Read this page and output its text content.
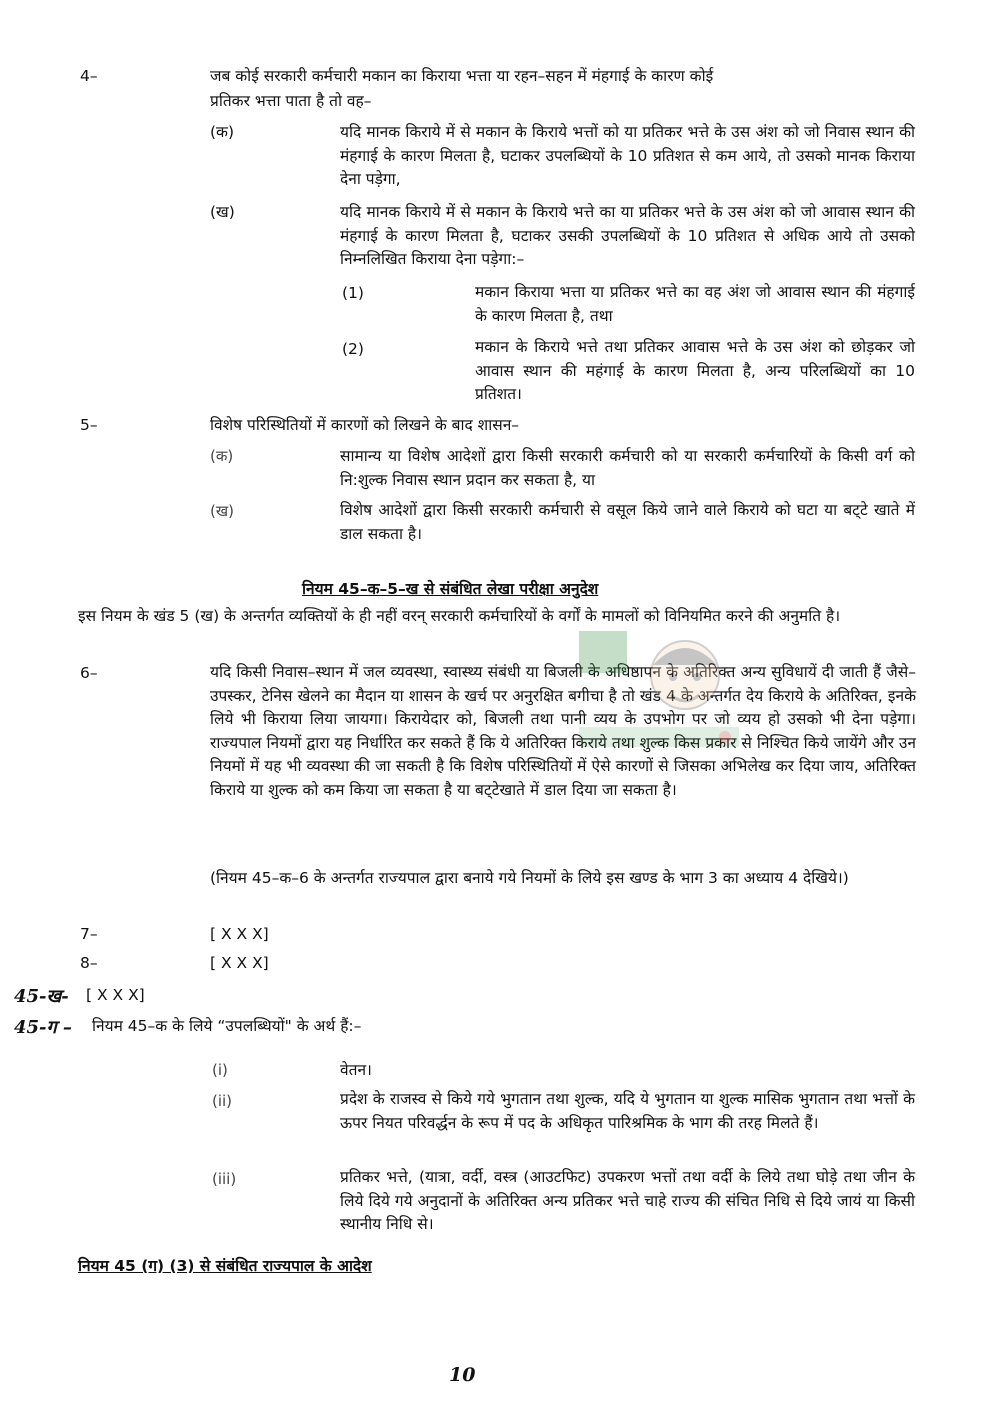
4–	जब कोई सरकारी कर्मचारी मकान का किराया भत्ता या रहन–सहन में मंहगाई के कारण कोई
प्रतिकर भत्ता पाता है तो वह–
(क)	यदि मानक किराये में से मकान के किराये भत्तों को या प्रतिकर भत्ते के उस अंश को जो निवास स्थान की मंहगाई के कारण मिलता है, घटाकर उपलब्धियों के 10 प्रतिशत से कम आये, तो उसको मानक किराया देना पड़ेगा,
(ख)	यदि मानक किराये में से मकान के किराये भत्ते का या प्रतिकर भत्ते के उस अंश को जो आवास स्थान की मंहगाई के कारण मिलता है, घटाकर उसकी उपलब्धियों के 10 प्रतिशत से अधिक आये तो उसको निम्नलिखित किराया देना पड़ेगा:–
(1)	मकान किराया भत्ता या प्रतिकर भत्ते का वह अंश जो आवास स्थान की मंहगाई के कारण मिलता है, तथा
(2)	मकान के किराये भत्ते तथा प्रतिकर आवास भत्ते के उस अंश को छोड़कर जो आवास स्थान की महंगाई के कारण मिलता है, अन्य परिलब्धियों का 10 प्रतिशत।
5–	विशेष परिस्थितियों में कारणों को लिखने के बाद शासन–
(क)	सामान्य या विशेष आदेशों द्वारा किसी सरकारी कर्मचारी को या सरकारी कर्मचारियों के किसी वर्ग को नि:शुल्क निवास स्थान प्रदान कर सकता है, या
(ख)	विशेष आदेशों द्वारा किसी सरकारी कर्मचारी से वसूल किये जाने वाले किराये को घटा या बट्‌टे खाते में डाल सकता है।
नियम 45–क–5–ख से संबंधित लेखा परीक्षा अनुदेश
इस नियम के खंड 5 (ख) के अन्तर्गत व्यक्तियों के ही नहीं वरन्‌ सरकारी कर्मचारियों के वर्गों के मामलों को विनियमित करने की अनुमति है।
6–	यदि किसी निवास–स्थान में जल व्यवस्था, स्वास्थ्य संबंधी या बिजली के अधिष्ठापन के अतिरिक्त अन्य सुविधायें दी जाती हैं जैसे– उपस्कर, टेनिस खेलने का मैदान या शासन के खर्च पर अनुरक्षित बगीचा है तो खंड 4 के अन्तर्गत देय किराये के अतिरिक्त, इनके लिये भी किराया लिया जायगा। किरायेदार को, बिजली तथा पानी व्यय के उपभोग पर जो व्यय हो उसको भी देना पड़ेगा। राज्यपाल नियमों द्वारा यह निर्धारित कर सकते हैं कि ये अतिरिक्त किराये तथा शुल्क किस प्रकार से निश्चित किये जायेंगे और उन नियमों में यह भी व्यवस्था की जा सकती है कि विशेष परिस्थितियों में ऐसे कारणों से जिसका अभिलेख कर दिया जाय, अतिरिक्त किराये या शुल्क को कम किया जा सकता है या बट्‌टेखाते में डाल दिया जा सकता है।
(नियम 45–क–6 के अन्तर्गत राज्यपाल द्वारा बनाये गये नियमों के लिये इस खण्ड के भाग 3 का अध्याय 4 देखिये।)
7–	[ X X X]
8–	[ X X X]
45-ख- [ X X X]
45-ग – नियम 45–क के लिये “उपलब्धियों" के अर्थ हैं:–
(i)	वेतन।
(ii)	प्रदेश के राजस्व से किये गये भुगतान तथा शुल्क, यदि ये भुगतान या शुल्क मासिक भुगतान तथा भत्तों के ऊपर नियत परिवर्द्धन के रूप में पद के अधिकृत पारिश्रमिक के भाग की तरह मिलते हैं।
(iii)	प्रतिकर भत्ते, (यात्रा, वर्दी, वस्त्र (आउटफिट) उपकरण भत्तों तथा वर्दी के लिये तथा घोड़े तथा जीन के लिये दिये गये अनुदानों के अतिरिक्त अन्य प्रतिकर भत्ते चाहे राज्य की संचित निधि से दिये जायं या किसी स्थानीय निधि से।
नियम 45 (ग) (3) से संबंधित राज्यपाल के आदेश
10
